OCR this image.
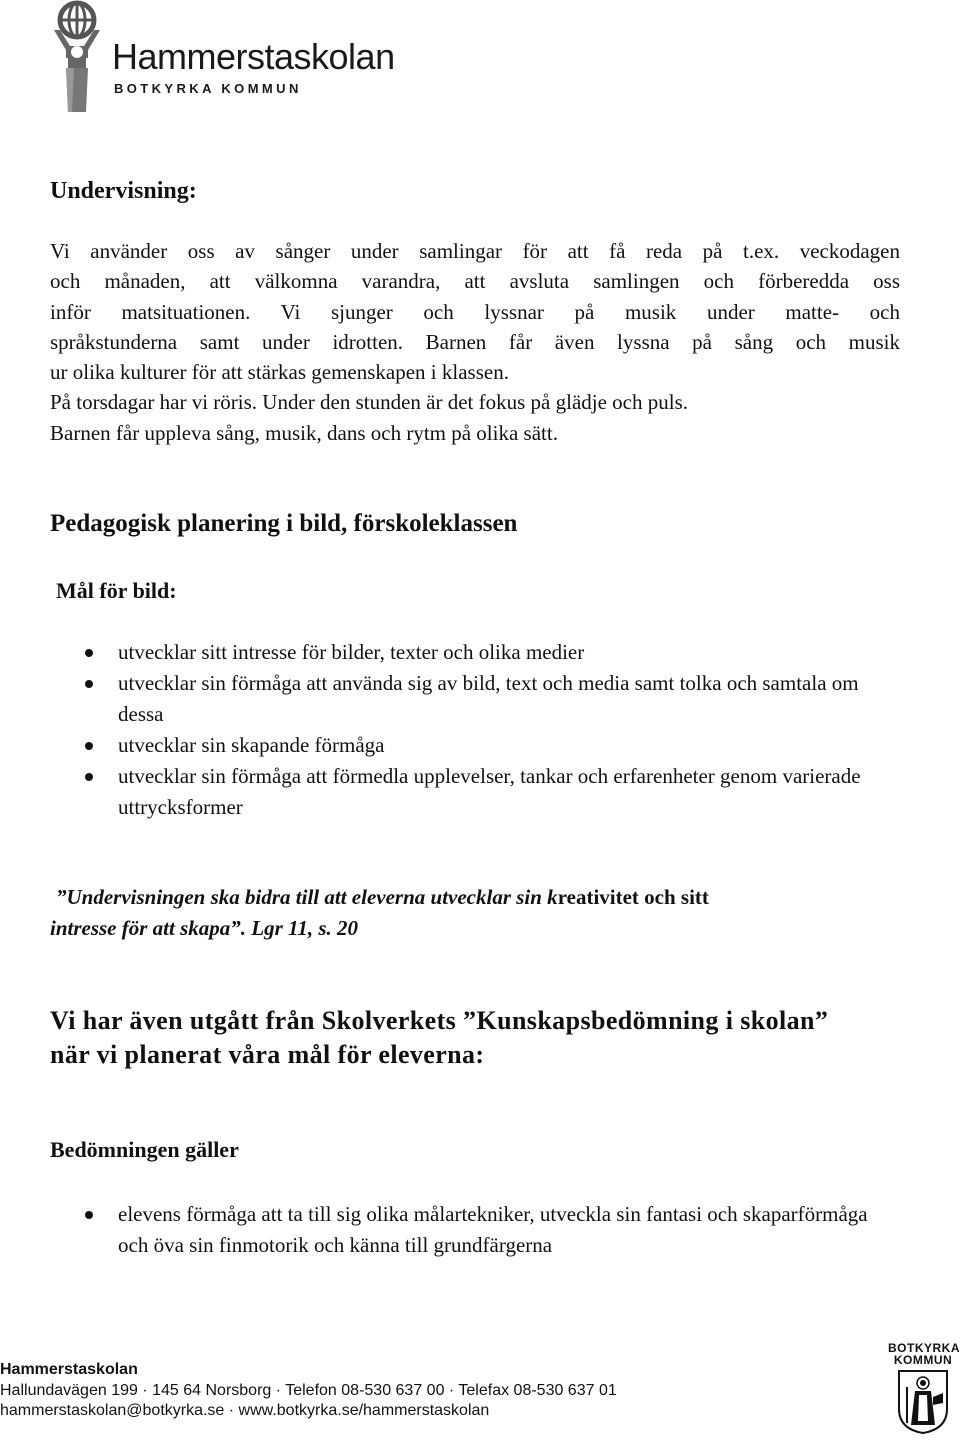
Hammerstaskolan
BOTKYRKA KOMMUN
Undervisning:
Vi använder oss av sånger under samlingar för att få reda på t.ex. veckodagen
och månaden, att välkomna varandra, att avsluta samlingen och förberedda oss
inför matsituationen. Vi sjunger och lyssnar på musik under matte- och
språkstunderna samt under idrotten. Barnen får även lyssna på sång och musik
ur olika kulturer för att stärkas gemenskapen i klassen.
På torsdagar har vi röris. Under den stunden är det fokus på glädje och puls.
Barnen får uppleva sång, musik, dans och rytm på olika sätt.
Pedagogisk planering i bild, förskoleklassen
Mål för bild:
utvecklar sitt intresse för bilder, texter och olika medier
utvecklar sin förmåga att använda sig av bild, text och media samt tolka och samtala om dessa
utvecklar sin skapande förmåga
utvecklar sin förmåga att förmedla upplevelser, tankar och erfarenheter genom varierade uttrycksformer
”Undervisningen ska bidra till att eleverna utvecklar sin kreativitet och sitt
intresse för att skapa”. Lgr 11, s. 20
Vi har även utgått från Skolverkets ”Kunskapsbedömning i skolan” när vi planerat våra mål för eleverna:
Bedömningen gäller
elevens förmåga att ta till sig olika målartekniker, utveckla sin fantasi och skaparförmåga och öva sin finmotorik och känna till grundfärgerna
Hammerstaskolan
Hallundavägen 199 · 145 64 Norsborg · Telefon 08-530 637 00 · Telefax 08-530 637 01
hammerstaskolan@botkyrka.se · www.botkyrka.se/hammerstaskolan
BOTKYRKA
KOMMUN
